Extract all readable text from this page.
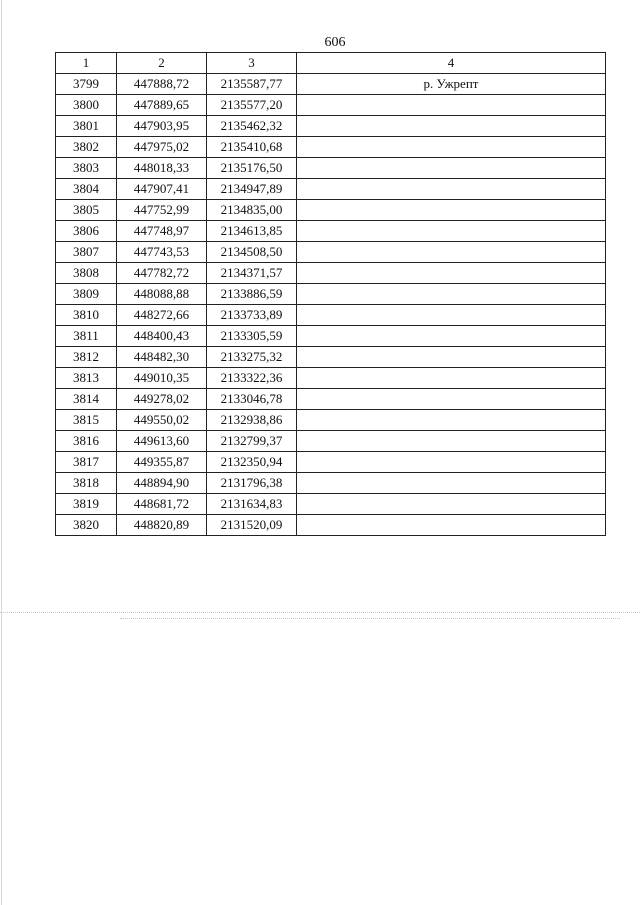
606
1	2	3	4
3799	447888,72	2135587,77	р. Ужрепт
3800	447889,65	2135577,20	
3801	447903,95	2135462,32	
3802	447975,02	2135410,68	
3803	448018,33	2135176,50	
3804	447907,41	2134947,89	
3805	447752,99	2134835,00	
3806	447748,97	2134613,85	
3807	447743,53	2134508,50	
3808	447782,72	2134371,57	
3809	448088,88	2133886,59	
3810	448272,66	2133733,89	
3811	448400,43	2133305,59	
3812	448482,30	2133275,32	
3813	449010,35	2133322,36	
3814	449278,02	2133046,78	
3815	449550,02	2132938,86	
3816	449613,60	2132799,37	
3817	449355,87	2132350,94	
3818	448894,90	2131796,38	
3819	448681,72	2131634,83	
3820	448820,89	2131520,09	
